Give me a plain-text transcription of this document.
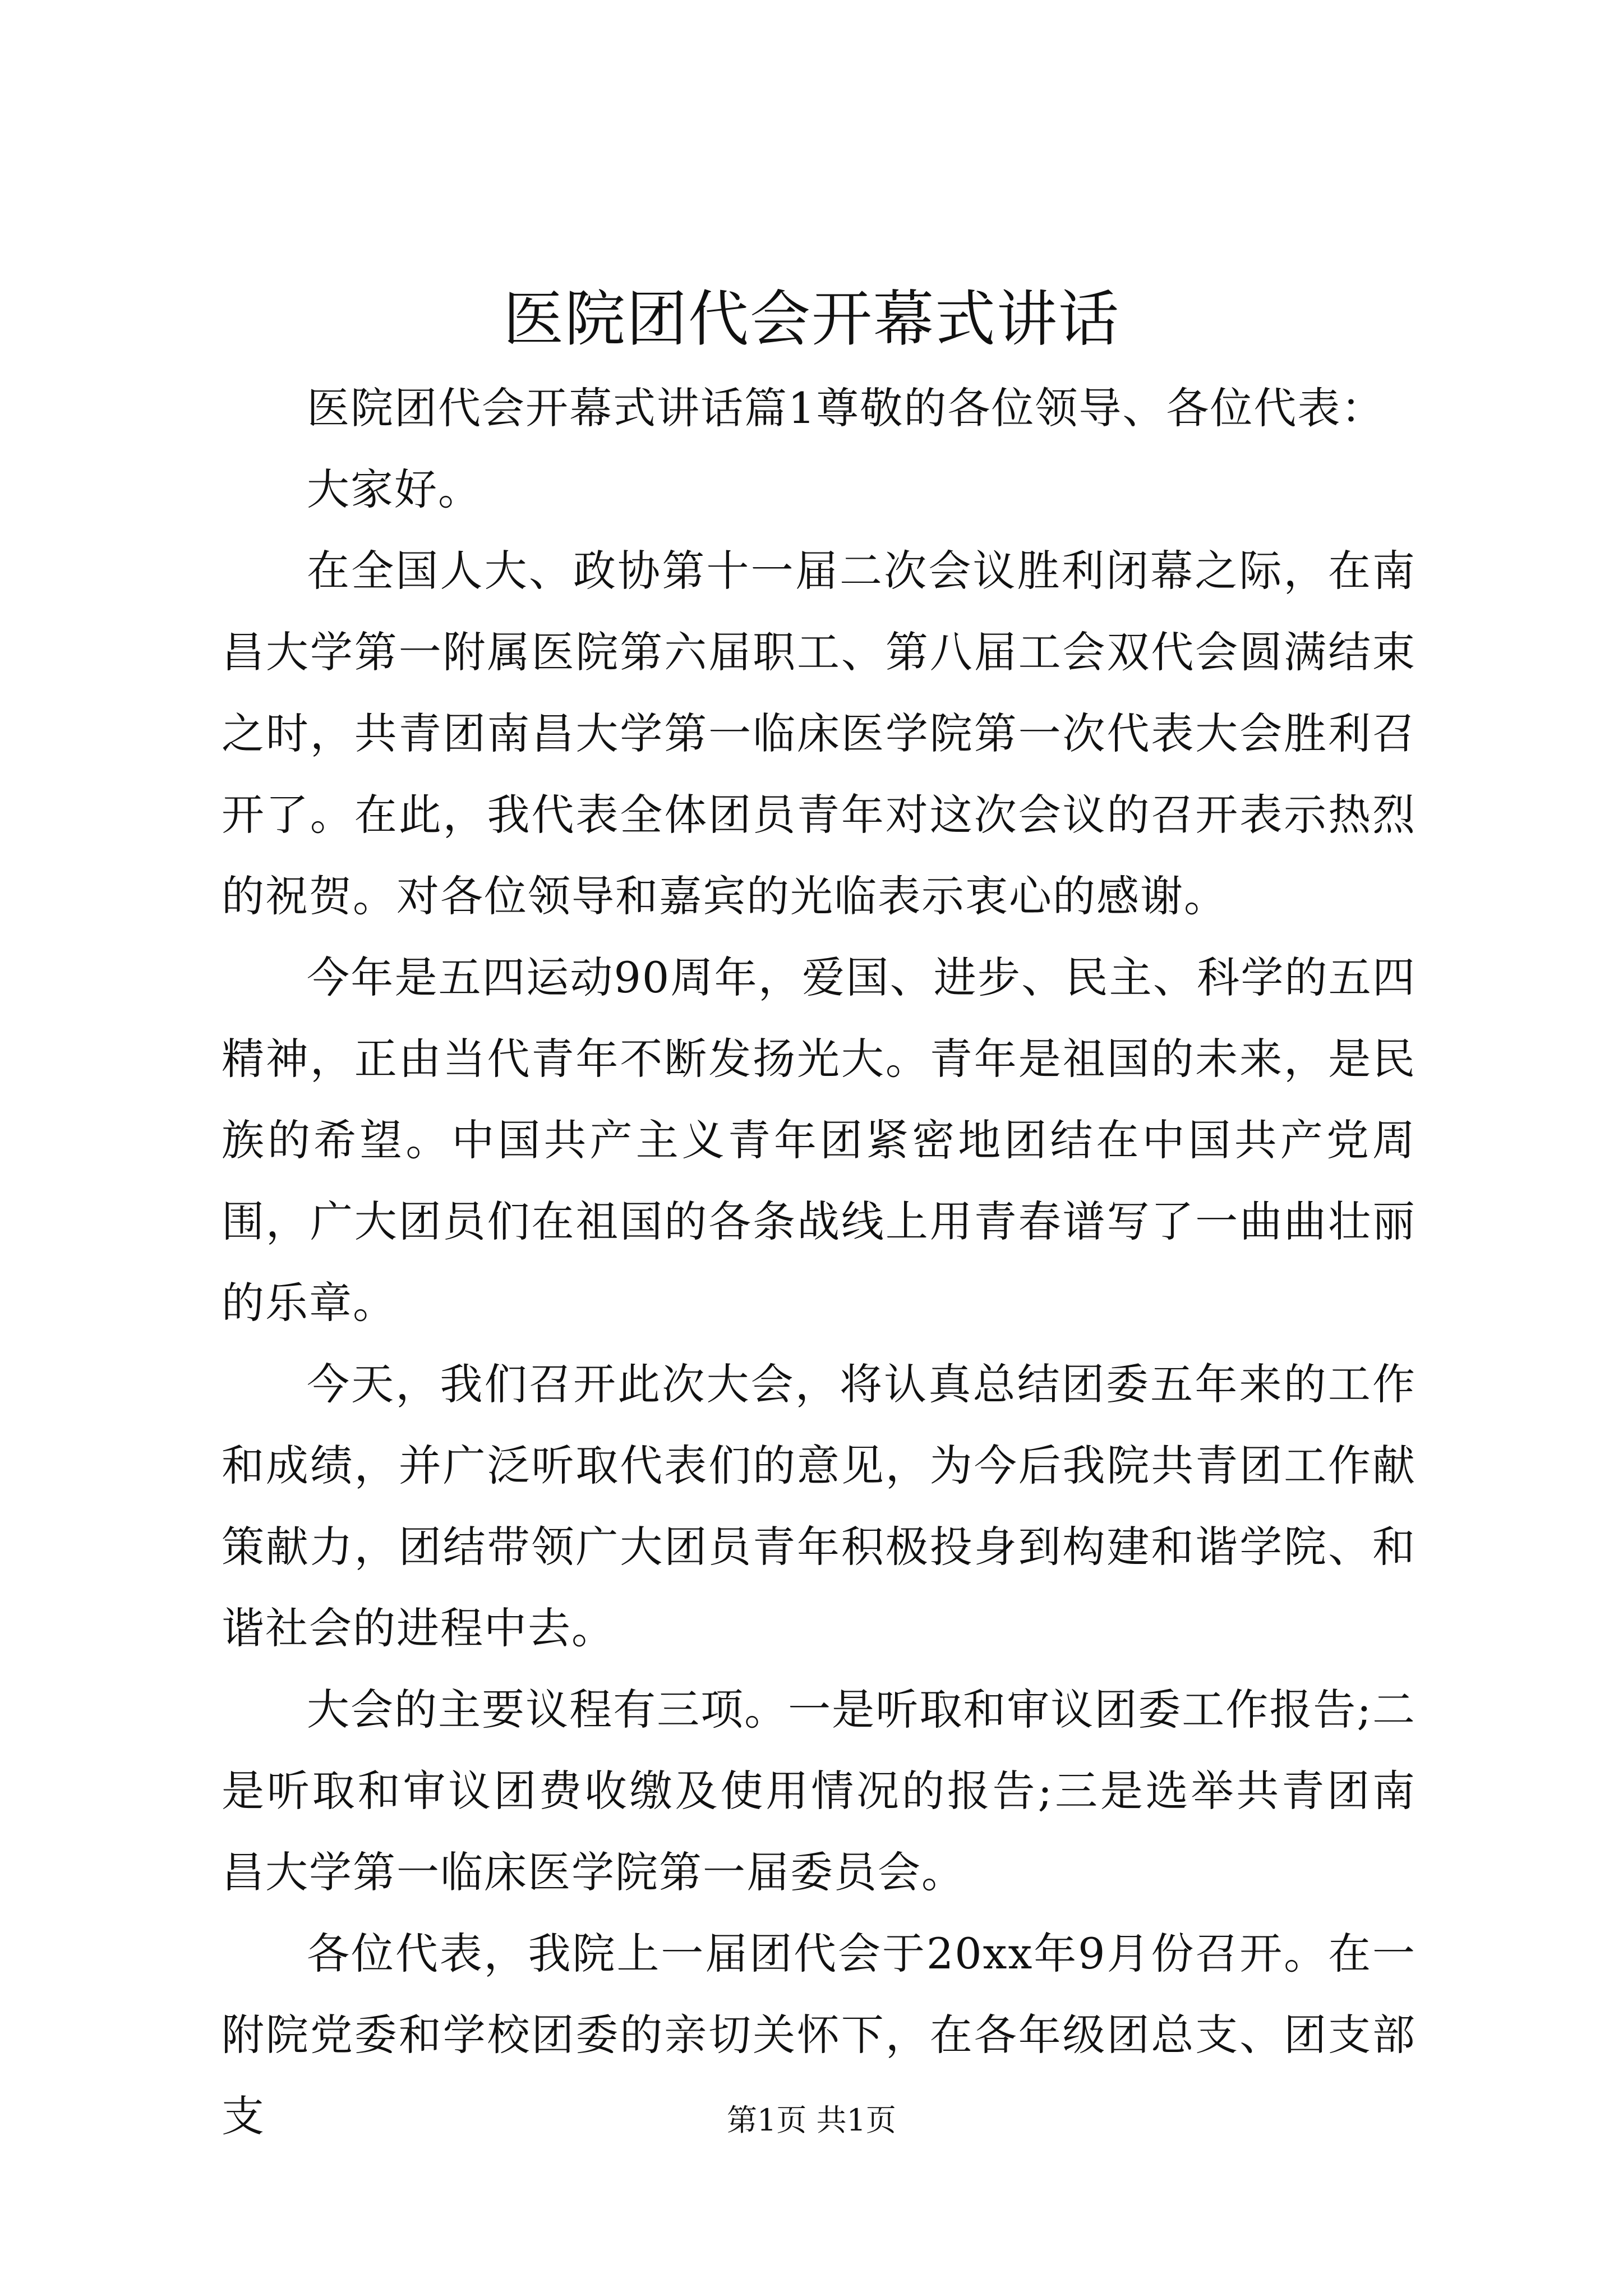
医院团代会开幕式讲话

医院团代会开幕式讲话篇1尊敬的各位领导、各位代表：

大家好。

在全国人大、政协第十一届二次会议胜利闭幕之际，在南昌大学第一附属医院第六届职工、第八届工会双代会圆满结束之时，共青团南昌大学第一临床医学院第一次代表大会胜利召开了。在此，我代表全体团员青年对这次会议的召开表示热烈的祝贺。对各位领导和嘉宾的光临表示衷心的感谢。

今年是五四运动90周年，爱国、进步、民主、科学的五四精神，正由当代青年不断发扬光大。青年是祖国的未来，是民族的希望。中国共产主义青年团紧密地团结在中国共产党周围，广大团员们在祖国的各条战线上用青春谱写了一曲曲壮丽的乐章。

今天，我们召开此次大会，将认真总结团委五年来的工作和成绩，并广泛听取代表们的意见，为今后我院共青团工作献策献力，团结带领广大团员青年积极投身到构建和谐学院、和谐社会的进程中去。

大会的主要议程有三项。一是听取和审议团委工作报告;二是听取和审议团费收缴及使用情况的报告;三是选举共青团南昌大学第一临床医学院第一届委员会。

各位代表，我院上一届团代会于20xx年9月份召开。在一附院党委和学校团委的亲切关怀下，在各年级团总支、团支部支	第1页 共1页
